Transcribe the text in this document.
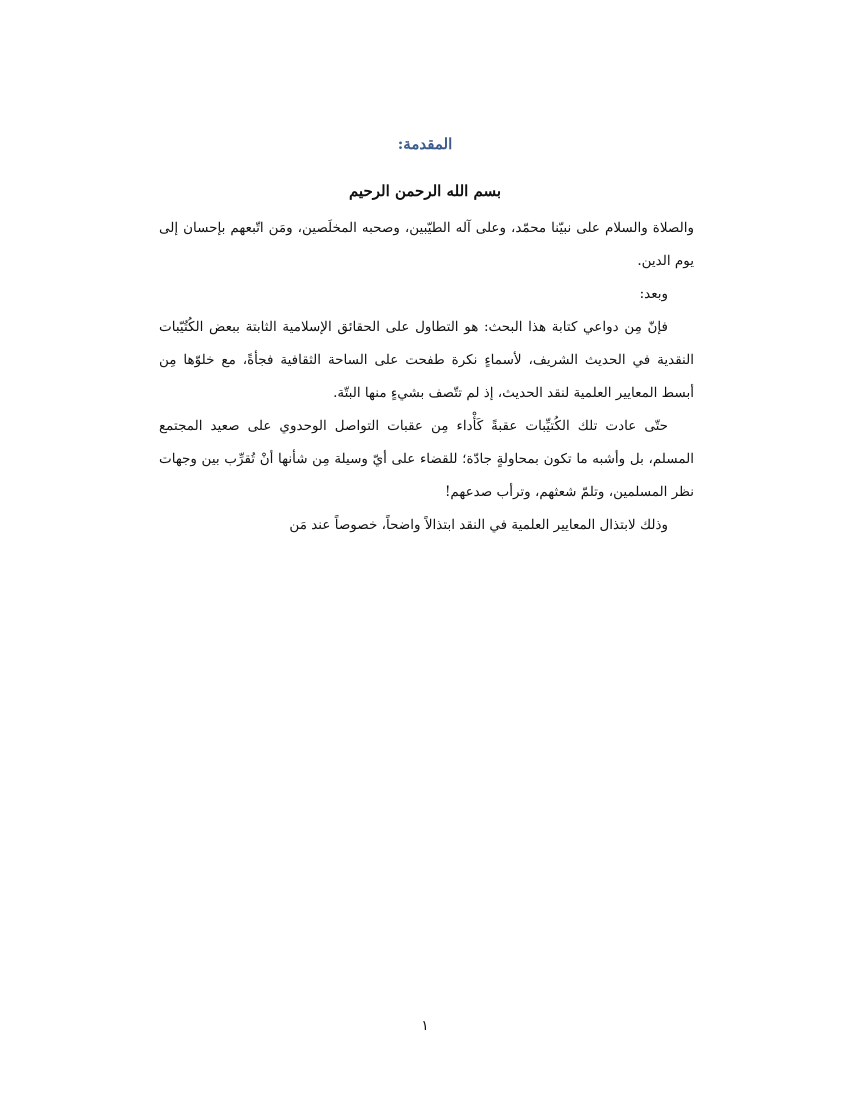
المقدمة:
بسم الله الرحمن الرحيم

والصلاة والسلام على نبيّنا محمّد، وعلى آله الطيّبين، وصحبه المخلَصين، ومَن اتّبعهم بإحسان إلى يوم الدين.

وبعد:

فإنّ مِن دواعي كتابة هذا البحث: هو التطاول على الحقائق الإسلامية الثابتة ببعض الكُتُيّبات النقدية في الحديث الشريف، لأسماءٍ نكرة طفحت على الساحة الثقافية فجأةً، مع خلوّها مِن أبسط المعايير العلمية لنقد الحديث، إذ لم تتّصف بشيءٍ منها البتّة.

حتّى عادت تلك الكُتيِّبات عقبةً كَأْداء مِن عقبات التواصل الوحدوي على صعيد المجتمع المسلم، بل وأشبه ما تكون بمحاولةٍ جادّة؛ للقضاء على أيّ وسيلة مِن شأنها أنْ تُقرِّب بين وجهات نظر المسلمين، وتلمّ شعثهم، وترأب صدعهم!

وذلك لابتذال المعايير العلمية في النقد ابتذالاً واضحاً، خصوصاً عند مَن

١
